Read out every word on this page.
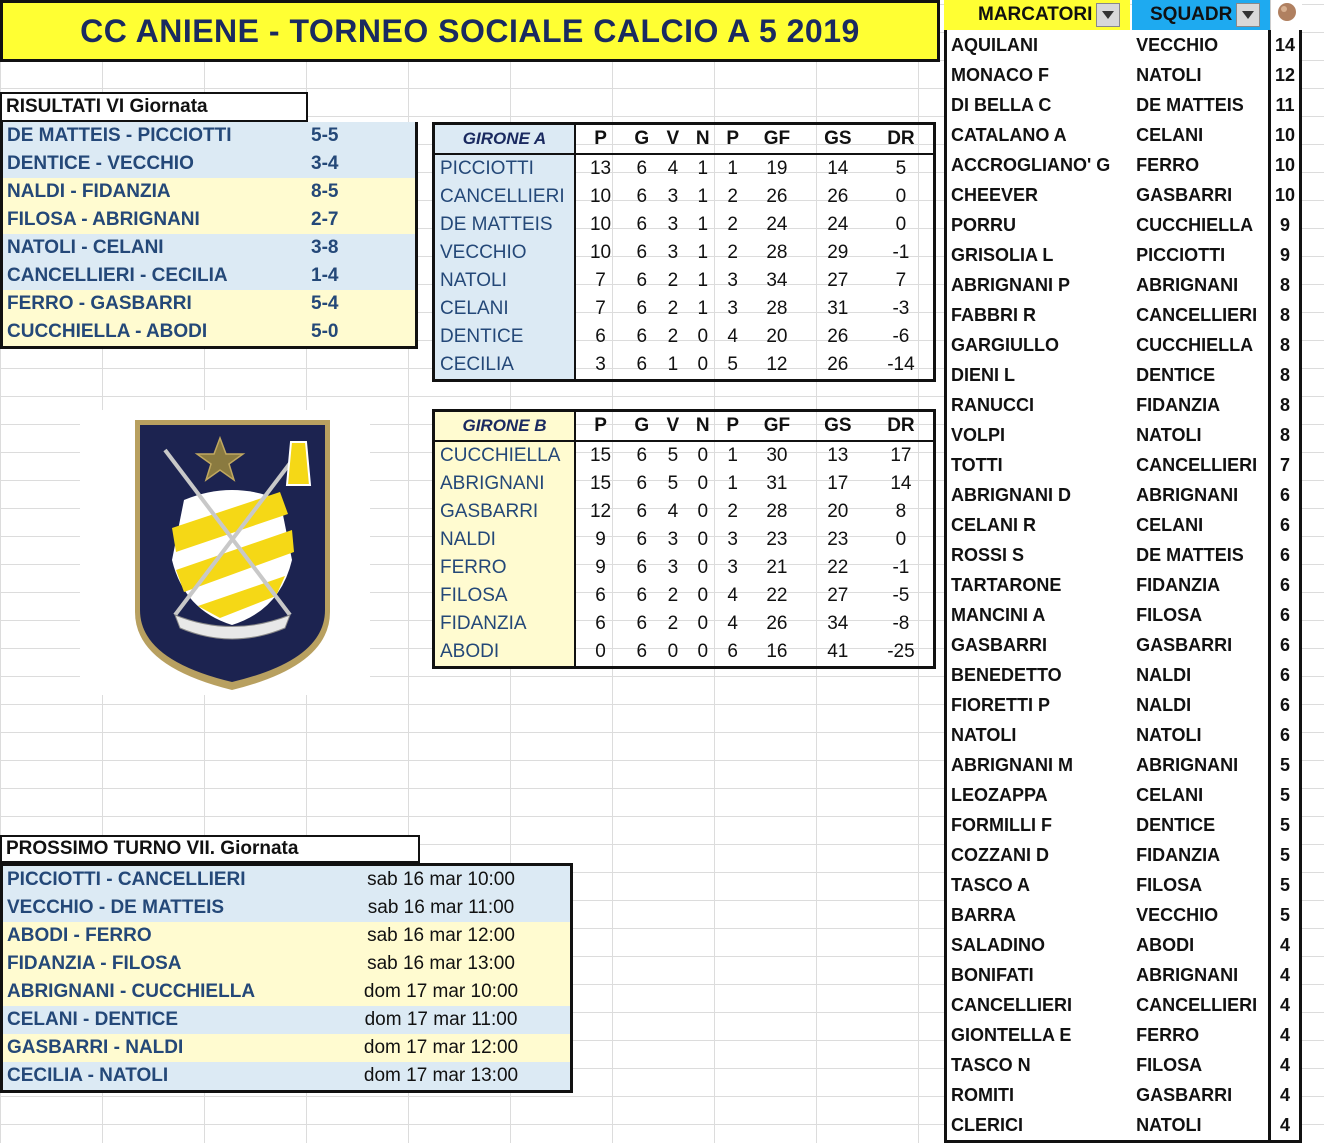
CC ANIENE - TORNEO SOCIALE CALCIO A 5 2019
RISULTATI VI Giornata
DE MATTEIS - PICCIOTTI	5-5
DENTICE - VECCHIO	3-4
NALDI - FIDANZIA	8-5
FILOSA - ABRIGNANI	2-7
NATOLI - CELANI	3-8
CANCELLIERI - CECILIA	1-4
FERRO - GASBARRI	5-4
CUCCHIELLA - ABODI	5-0
GIRONE A	P	G	V	N	P	GF	GS	DR
PICCIOTTI	13	6	4	1	1	19	14	5
CANCELLIERI	10	6	3	1	2	26	26	0
DE MATTEIS	10	6	3	1	2	24	24	0
VECCHIO	10	6	3	1	2	28	29	-1
NATOLI	7	6	2	1	3	34	27	7
CELANI	7	6	2	1	3	28	31	-3
DENTICE	6	6	2	0	4	20	26	-6
CECILIA	3	6	1	0	5	12	26	-14
GIRONE B	P	G	V	N	P	GF	GS	DR
CUCCHIELLA	15	6	5	0	1	30	13	17
ABRIGNANI	15	6	5	0	1	31	17	14
GASBARRI	12	6	4	0	2	28	20	8
NALDI	9	6	3	0	3	23	23	0
FERRO	9	6	3	0	3	21	22	-1
FILOSA	6	6	2	0	4	22	27	-5
FIDANZIA	6	6	2	0	4	26	34	-8
ABODI	0	6	0	0	6	16	41	-25
PROSSIMO TURNO VII. Giornata
PICCIOTTI - CANCELLIERI	sab 16 mar 10:00
VECCHIO - DE MATTEIS	sab 16 mar 11:00
ABODI - FERRO	sab 16 mar 12:00
FIDANZIA - FILOSA	sab 16 mar 13:00
ABRIGNANI - CUCCHIELLA	dom 17 mar 10:00
CELANI - DENTICE	dom 17 mar 11:00
GASBARRI - NALDI	dom 17 mar 12:00
CECILIA - NATOLI	dom 17 mar 13:00
MARCATORI	SQUADR
AQUILANI	VECCHIO	14
MONACO F	NATOLI	12
DI BELLA C	DE MATTEIS	11
CATALANO A	CELANI	10
ACCROGLIANO' G	FERRO	10
CHEEVER	GASBARRI	10
PORRU	CUCCHIELLA	9
GRISOLIA L	PICCIOTTI	9
ABRIGNANI P	ABRIGNANI	8
FABBRI R	CANCELLIERI	8
GARGIULLO	CUCCHIELLA	8
DIENI L	DENTICE	8
RANUCCI	FIDANZIA	8
VOLPI	NATOLI	8
TOTTI	CANCELLIERI	7
ABRIGNANI D	ABRIGNANI	6
CELANI R	CELANI	6
ROSSI S	DE MATTEIS	6
TARTARONE	FIDANZIA	6
MANCINI A	FILOSA	6
GASBARRI	GASBARRI	6
BENEDETTO	NALDI	6
FIORETTI P	NALDI	6
NATOLI	NATOLI	6
ABRIGNANI M	ABRIGNANI	5
LEOZAPPA	CELANI	5
FORMILLI F	DENTICE	5
COZZANI D	FIDANZIA	5
TASCO A	FILOSA	5
BARRA	VECCHIO	5
SALADINO	ABODI	4
BONIFATI	ABRIGNANI	4
CANCELLIERI	CANCELLIERI	4
GIONTELLA E	FERRO	4
TASCO N	FILOSA	4
ROMITI	GASBARRI	4
CLERICI	NATOLI	4
